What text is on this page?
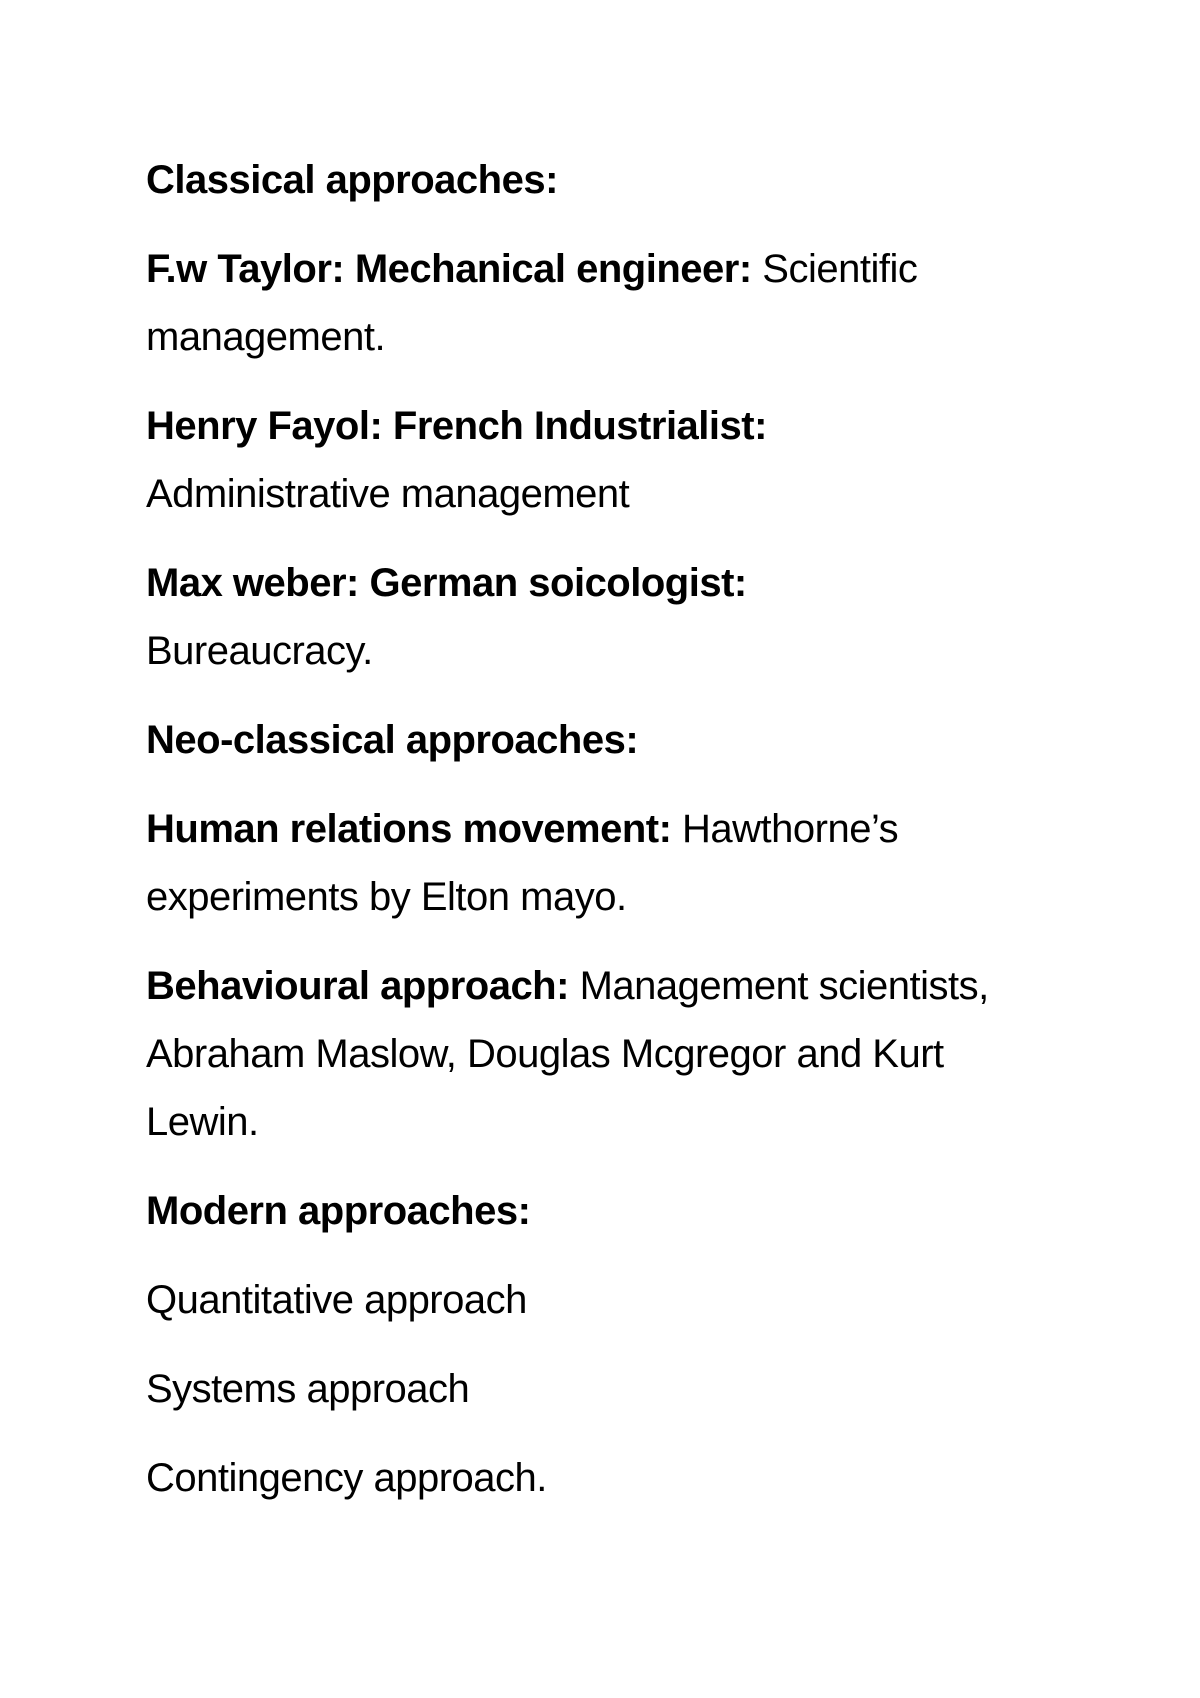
Classical approaches:

F.w Taylor: Mechanical engineer: Scientific management.

Henry Fayol: French Industrialist:
Administrative management

Max weber: German soicologist:
Bureaucracy.

Neo-classical approaches:

Human relations movement: Hawthorne’s experiments by Elton mayo.

Behavioural approach: Management scientists, Abraham Maslow, Douglas Mcgregor and Kurt Lewin.

Modern approaches:

Quantitative approach

Systems approach

Contingency approach.
